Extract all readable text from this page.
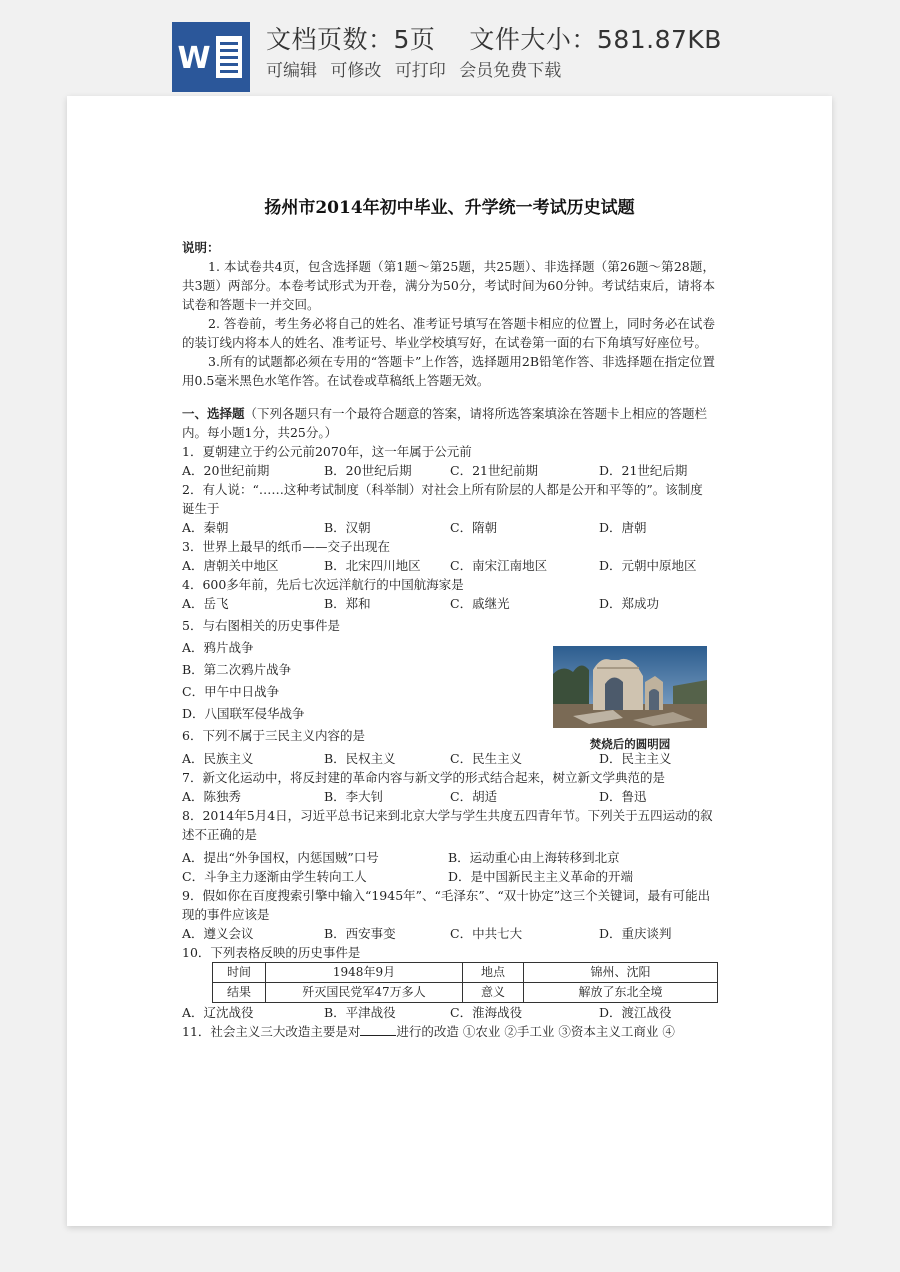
W
文档页数：5页 文件大小：581.87KB
可编辑 可修改 可打印 会员免费下载
扬州市2014年初中毕业、升学统一考试历史试题
说明：
1. 本试卷共4页，包含选择题（第1题～第25题，共25题）、非选择题（第26题～第28题，共3题）两部分。本卷考试形式为开卷，满分为50分，考试时间为60分钟。考试结束后，请将本试卷和答题卡一并交回。
2. 答卷前，考生务必将自己的姓名、准考证号填写在答题卡相应的位置上，同时务必在试卷的装订线内将本人的姓名、准考证号、毕业学校填写好，在试卷第一面的右下角填写好座位号。
3.所有的试题都必须在专用的“答题卡”上作答，选择题用2B铅笔作答、非选择题在指定位置用0.5毫米黑色水笔作答。在试卷或草稿纸上答题无效。
一、选择题（下列各题只有一个最符合题意的答案，请将所选答案填涂在答题卡上相应的答题栏内。每小题1分，共25分。）
1．夏朝建立于约公元前2070年，这一年属于公元前
A．20世纪前期	B．20世纪后期	C．21世纪前期	D．21世纪后期
2．有人说：“……这种考试制度（科举制）对社会上所有阶层的人都是公开和平等的”。该制度诞生于
A．秦朝	B．汉朝	C．隋朝	D．唐朝
3．世界上最早的纸币——交子出现在
A．唐朝关中地区	B．北宋四川地区	C．南宋江南地区	D．元朝中原地区
4．600多年前，先后七次远洋航行的中国航海家是
A．岳飞	B．郑和	C．戚继光	D．郑成功
5．与右图相关的历史事件是
A．鸦片战争
B．第二次鸦片战争
C．甲午中日战争
D．八国联军侵华战争
6．下列不属于三民主义内容的是
A．民族主义	B．民权主义	C．民生主义	D．民主主义
7．新文化运动中，将反封建的革命内容与新文学的形式结合起来，树立新文学典范的是
A．陈独秀	B．李大钊	C．胡适	D．鲁迅
8．2014年5月4日，习近平总书记来到北京大学与学生共度五四青年节。下列关于五四运动的叙述不正确的是
A．提出“外争国权，内惩国贼”口号	B．运动重心由上海转移到北京
C．斗争主力逐渐由学生转向工人	D．是中国新民主主义革命的开端
9．假如你在百度搜索引擎中输入“1945年”、“毛泽东”、“双十协定”这三个关键词，最有可能出现的事件应该是
A．遵义会议	B．西安事变	C．中共七大	D．重庆谈判
10．下列表格反映的历史事件是
时间	1948年9月	地点	锦州、沈阳
结果	歼灭国民党军47万多人	意义	解放了东北全境
A．辽沈战役	B．平津战役	C．淮海战役	D．渡江战役
11．社会主义三大改造主要是对	进行的改造 ①农业 ②手工业 ③资本主义工商业 ④
焚烧后的圆明园
